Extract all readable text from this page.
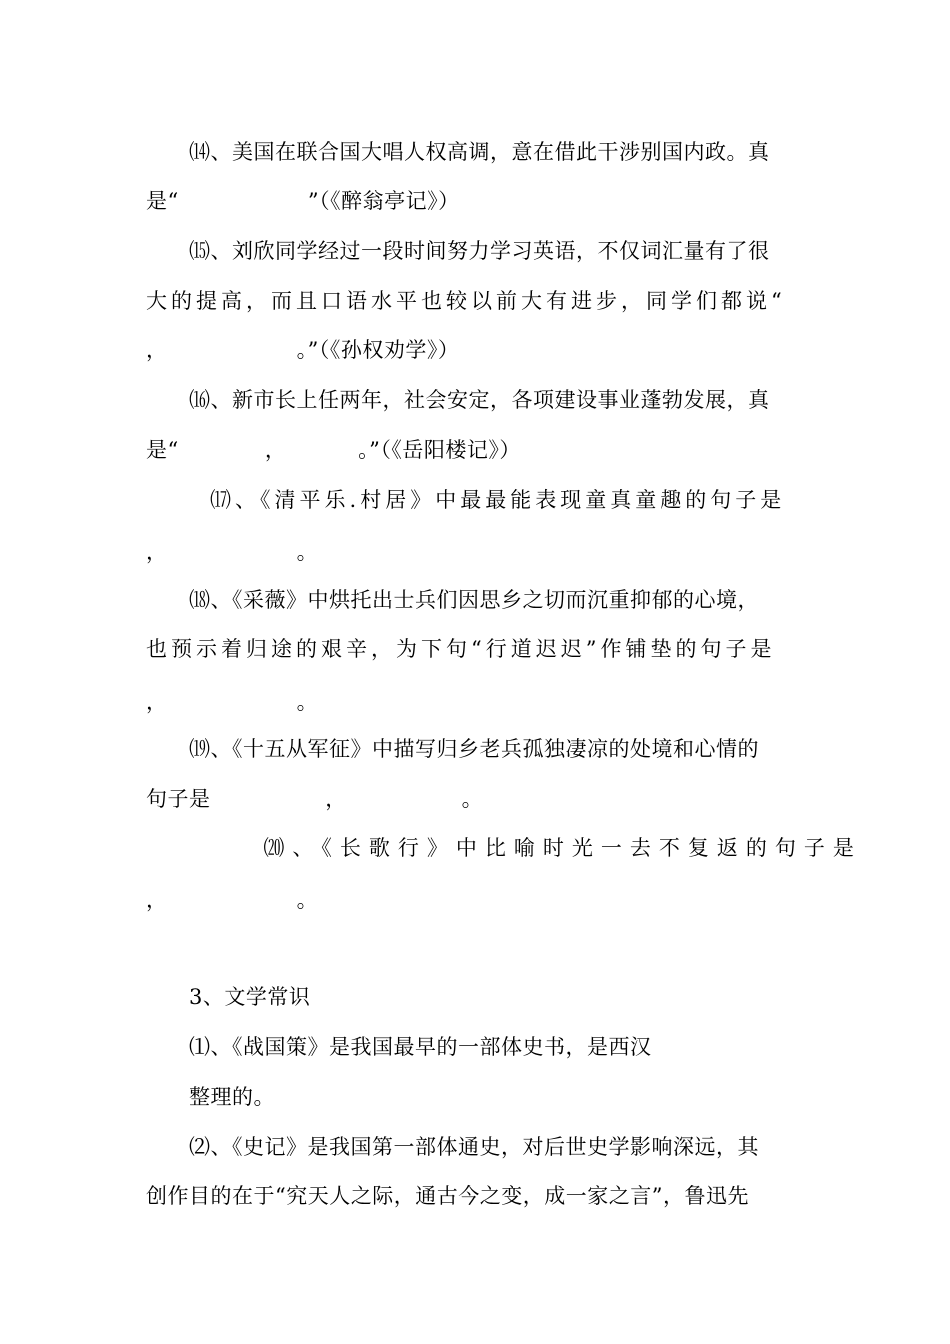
⒁、美国在联合国大唱人权高调，意在借此干涉别国内政。真
是“                  ”（《醉翁亭记》）
⒂、刘欣同学经过一段时间努力学习英语，不仅词汇量有了很
大的提高，而且口语水平也较以前大有进步，同学们都说“
，                  。”（《孙权劝学》）
⒃、新市长上任两年，社会安定，各项建设事业蓬勃发展，真
是“            ，          。”（《岳阳楼记》）
⒄、《清平乐.村居》中最最能表现童真童趣的句子是
，                  。
⒅、《采薇》中烘托出士兵们因思乡之切而沉重抑郁的心境，
也预示着归途的艰辛，为下句“行道迟迟”作铺垫的句子是
，                  。
⒆、《十五从军征》中描写归乡老兵孤独凄凉的处境和心情的
句子是                ，                。
⒇、《长歌行》中比喻时光一去不复返的句子是
，                  。
3、文学常识
⑴、《战国策》是我国最早的一部体史书，是西汉
整理的。
⑵、《史记》是我国第一部体通史，对后世史学影响深远，其
创作目的在于“究天人之际，通古今之变，成一家之言”，鲁迅先
